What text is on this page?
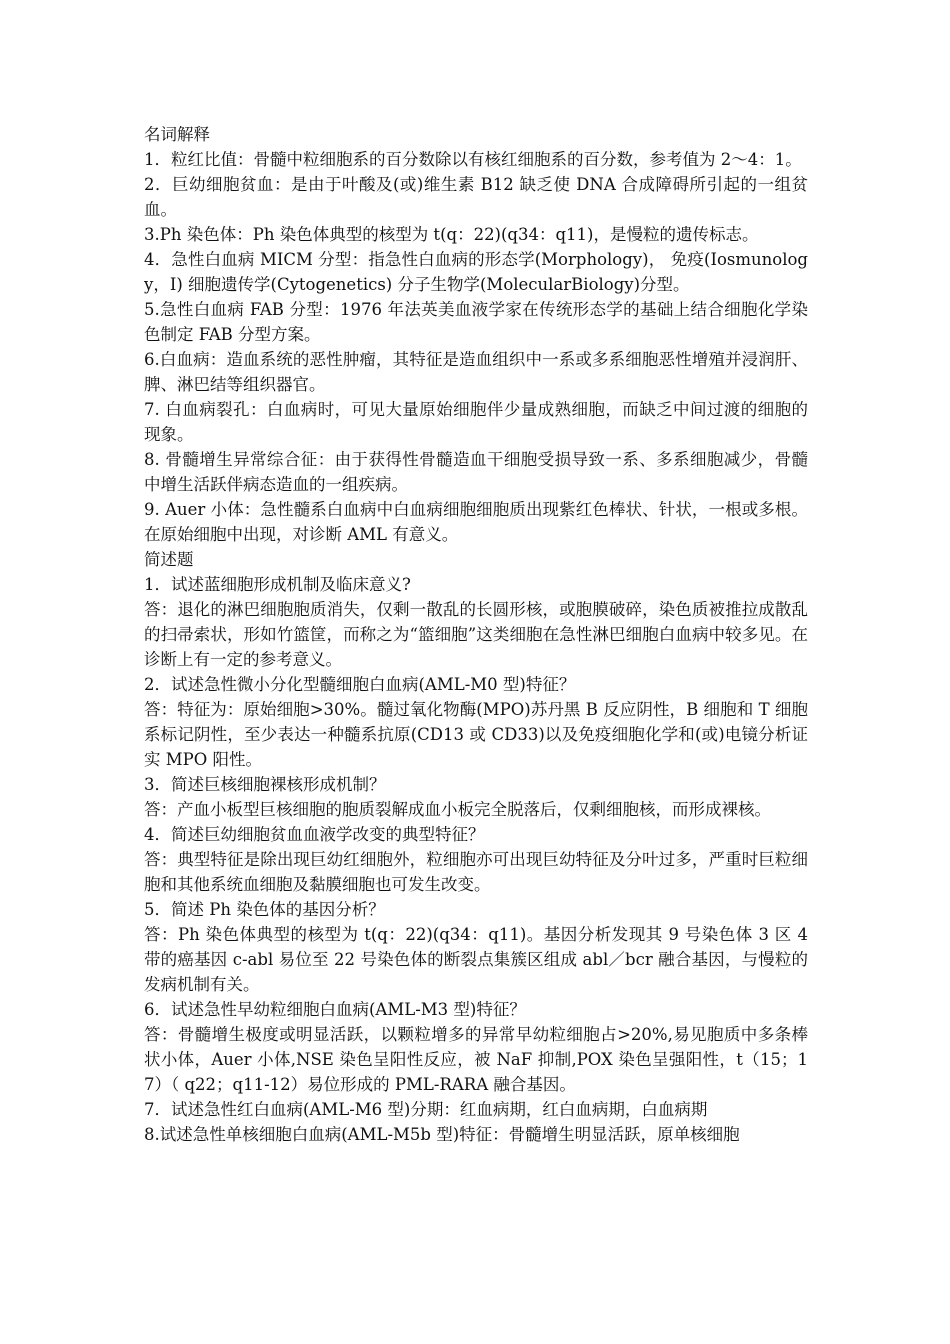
名词解释
1．粒红比值：骨髓中粒细胞系的百分数除以有核红细胞系的百分数，参考值为 2～4：1。
2．巨幼细胞贫血：是由于叶酸及(或)维生素 B12 缺乏使 DNA 合成障碍所引起的一组贫血。
3.Ph 染色体：Ph 染色体典型的核型为 t(q：22)(q34：q11)，是慢粒的遗传标志。
4．急性白血病 MICM 分型：指急性白血病的形态学(Morphology)， 免疫(Iosmunology，I) 细胞遗传学(Cytogenetics) 分子生物学(MolecularBiology)分型。
5.急性白血病 FAB 分型：1976 年法英美血液学家在传统形态学的基础上结合细胞化学染色制定 FAB 分型方案。
6.白血病：造血系统的恶性肿瘤，其特征是造血组织中一系或多系细胞恶性增殖并浸润肝、脾、淋巴结等组织器官。
7. 白血病裂孔：白血病时，可见大量原始细胞伴少量成熟细胞，而缺乏中间过渡的细胞的现象。
8. 骨髓增生异常综合征：由于获得性骨髓造血干细胞受损导致一系、多系细胞减少，骨髓中增生活跃伴病态造血的一组疾病。
9. Auer 小体：急性髓系白血病中白血病细胞细胞质出现紫红色棒状、针状，一根或多根。在原始细胞中出现，对诊断 AML 有意义。
简述题
1．试述蓝细胞形成机制及临床意义?
答：退化的淋巴细胞胞质消失，仅剩一散乱的长圆形核，或胞膜破碎，染色质被推拉成散乱的扫帚索状，形如竹篮筐，而称之为“篮细胞”这类细胞在急性淋巴细胞白血病中较多见。在诊断上有一定的参考意义。
2．试述急性微小分化型髓细胞白血病(AML-M0 型)特征？
答：特征为：原始细胞>30%。髓过氧化物酶(MPO)苏丹黑 B 反应阴性，B 细胞和 T 细胞系标记阴性，至少表达一种髓系抗原(CD13 或 CD33)以及免疫细胞化学和(或)电镜分析证实 MPO 阳性。
3．简述巨核细胞裸核形成机制？
答：产血小板型巨核细胞的胞质裂解成血小板完全脱落后，仅剩细胞核，而形成裸核。
4．简述巨幼细胞贫血血液学改变的典型特征？
答：典型特征是除出现巨幼红细胞外，粒细胞亦可出现巨幼特征及分叶过多，严重时巨粒细胞和其他系统血细胞及黏膜细胞也可发生改变。
5．简述 Ph 染色体的基因分析？
答：Ph 染色体典型的核型为 t(q：22)(q34：q11)。基因分析发现其 9 号染色体 3 区 4 带的癌基因 c-abl 易位至 22 号染色体的断裂点集簇区组成 abl／bcr 融合基因，与慢粒的发病机制有关。
6．试述急性早幼粒细胞白血病(AML-M3 型)特征？
答：骨髓增生极度或明显活跃，以颗粒增多的异常早幼粒细胞占>20%,易见胞质中多条棒状小体，Auer 小体,NSE 染色呈阳性反应，被 NaF 抑制,POX 染色呈强阳性，t（15；17）（ q22；q11-12）易位形成的 PML-RARA 融合基因。
7．试述急性红白血病(AML-M6 型)分期：红血病期，红白血病期，白血病期
8.试述急性单核细胞白血病(AML-M5b 型)特征：骨髓增生明显活跃，原单核细胞
